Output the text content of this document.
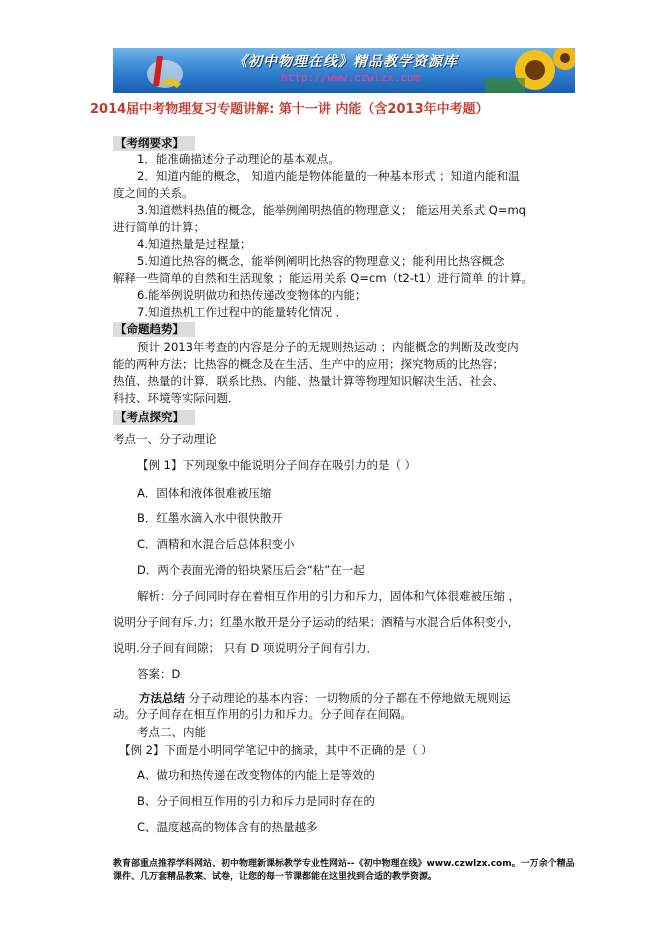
《初中物理在线》精品教学资源库
http://www.czwlzx.com
2014届中考物理复习专题讲解: 第十一讲 内能（含2013年中考题）
【考纲要求】
1．能准确描述分子动理论的基本观点。
2．知道内能的概念， 知道内能是物体能量的一种基本形式 ；知道内能和温
度之间的关系。
3.知道燃料热值的概念，能举例阐明热值的物理意义； 能运用关系式 Q=mq
进行简单的计算；
4.知道热量是过程量；
5.知道比热容的概念，能举例阐明比热容的物理意义；能利用比热容概念
解释一些简单的自然和生活现象 ；能运用关系 Q=cm（t2-t1）进行简单 的计算。
6.能举例说明做功和热传递改变物体的内能；
7.知道热机工作过程中的能量转化情况 ．
【命题趋势】
预计 2013年考查的内容是分子的无规则热运动 ；内能概念的判断及改变内
能的两种方法；比热容的概念及在生活、生产中的应用；探究物质的比热容；
热值、热量的计算．联系比热、内能、热量计算等物理知识解决生活、社会、
科技、环境等实际问题．
【考点探究】
考点一、分子动理论
【例 1】下列现象中能说明分子间存在吸引力的是（ ）
A．固体和液体很难被压缩
B．红墨水滴入水中很快散开
C．酒精和水混合后总体积变小
D．两个表面光滑的铅块紧压后会“粘”在一起
解析：分子间同时存在着相互作用的引力和斥力，固体和气体很难被压缩 ，
说明分子间有斥.力；红墨水散开是分子运动的结果；酒精与水混合后体积变小，
说明.分子间有间隙； 只有 D 项说明分子间有引力．
答案：D
方法总结 分子动理论的基本内容：一切物质的分子都在不停地做无规则运
动。分子间存在相互作用的引力和斥力。分子间存在间隔。
考点二、内能
【例 2】下面是小明同学笔记中的摘录，其中不正确的是（ ）
A、做功和热传递在改变物体的内能上是等效的
B、分子间相互作用的引力和斥力是同时存在的
C、温度越高的物体含有的热量越多
教育部重点推荐学科网站、初中物理新课标教学专业性网站--《初中物理在线》www.czwlzx.com。一万余个精品课件、几万套精品教案、试卷，让您的每一节课都能在这里找到合适的教学资源。
